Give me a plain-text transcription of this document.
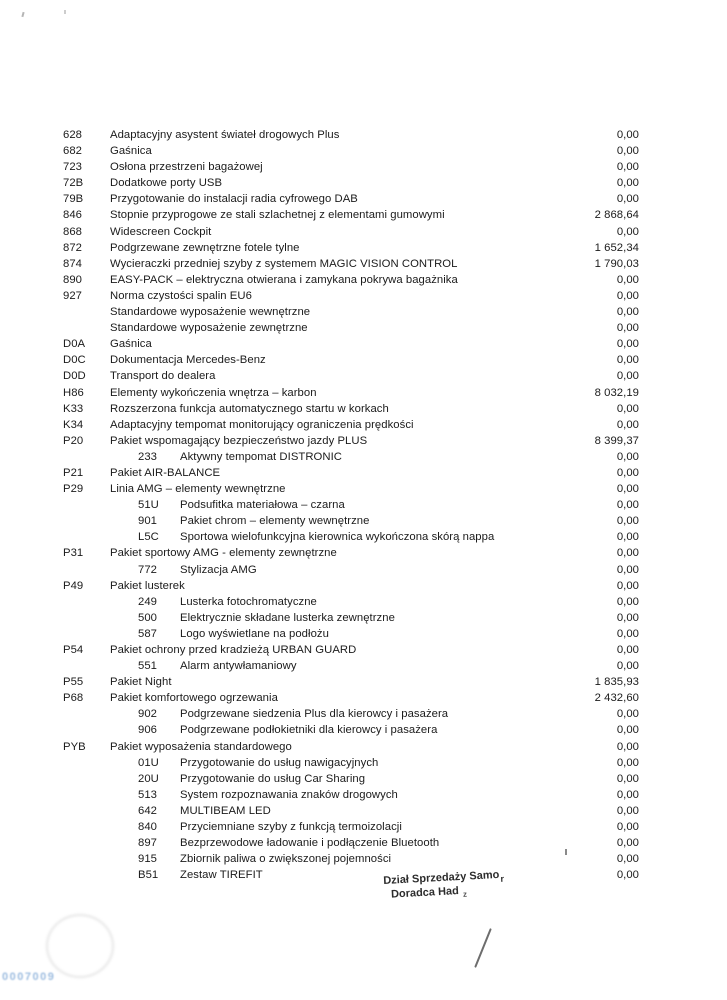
628	Adaptacyjny asystent świateł drogowych Plus	0,00
682	Gaśnica	0,00
723	Osłona przestrzeni bagażowej	0,00
72B	Dodatkowe porty USB	0,00
79B	Przygotowanie do instalacji radia cyfrowego DAB	0,00
846	Stopnie przyprogowe ze stali szlachetnej z elementami gumowymi	2 868,64
868	Widescreen Cockpit	0,00
872	Podgrzewane zewnętrzne fotele tylne	1 652,34
874	Wycieraczki przedniej szyby z systemem MAGIC VISION CONTROL	1 790,03
890	EASY-PACK – elektryczna otwierana i zamykana pokrywa bagażnika	0,00
927	Norma czystości spalin EU6	0,00
Standardowe wyposażenie wewnętrzne	0,00
Standardowe wyposażenie zewnętrzne	0,00
D0A	Gaśnica	0,00
D0C	Dokumentacja Mercedes-Benz	0,00
D0D	Transport do dealera	0,00
H86	Elementy wykończenia wnętrza – karbon	8 032,19
K33	Rozszerzona funkcja automatycznego startu w korkach	0,00
K34	Adaptacyjny tempomat monitorujący ograniczenia prędkości	0,00
P20	Pakiet wspomagający bezpieczeństwo jazdy PLUS	8 399,37
233	Aktywny tempomat DISTRONIC	0,00
P21	Pakiet AIR-BALANCE	0,00
P29	Linia AMG – elementy wewnętrzne	0,00
51U	Podsufitka materiałowa – czarna	0,00
901	Pakiet chrom – elementy wewnętrzne	0,00
L5C	Sportowa wielofunkcyjna kierownica wykończona skórą nappa	0,00
P31	Pakiet sportowy AMG - elementy zewnętrzne	0,00
772	Stylizacja AMG	0,00
P49	Pakiet lusterek	0,00
249	Lusterka fotochromatyczne	0,00
500	Elektrycznie składane lusterka zewnętrzne	0,00
587	Logo wyświetlane na podłożu	0,00
P54	Pakiet ochrony przed kradzieżą URBAN GUARD	0,00
551	Alarm antywłamaniowy	0,00
P55	Pakiet Night	1 835,93
P68	Pakiet komfortowego ogrzewania	2 432,60
902	Podgrzewane siedzenia Plus dla kierowcy i pasażera	0,00
906	Podgrzewane podłokietniki dla kierowcy i pasażera	0,00
PYB	Pakiet wyposażenia standardowego	0,00
01U	Przygotowanie do usług nawigacyjnych	0,00
20U	Przygotowanie do usług Car Sharing	0,00
513	System rozpoznawania znaków drogowych	0,00
642	MULTIBEAM LED	0,00
840	Przyciemniane szyby z funkcją termoizolacji	0,00
897	Bezprzewodowe ładowanie i podłączenie Bluetooth	0,00
915	Zbiornik paliwa o zwiększonej pojemności	0,00
B51	Zestaw TIREFIT	0,00
Dział Sprzedaży Samor
Doradca Had z
0007009
